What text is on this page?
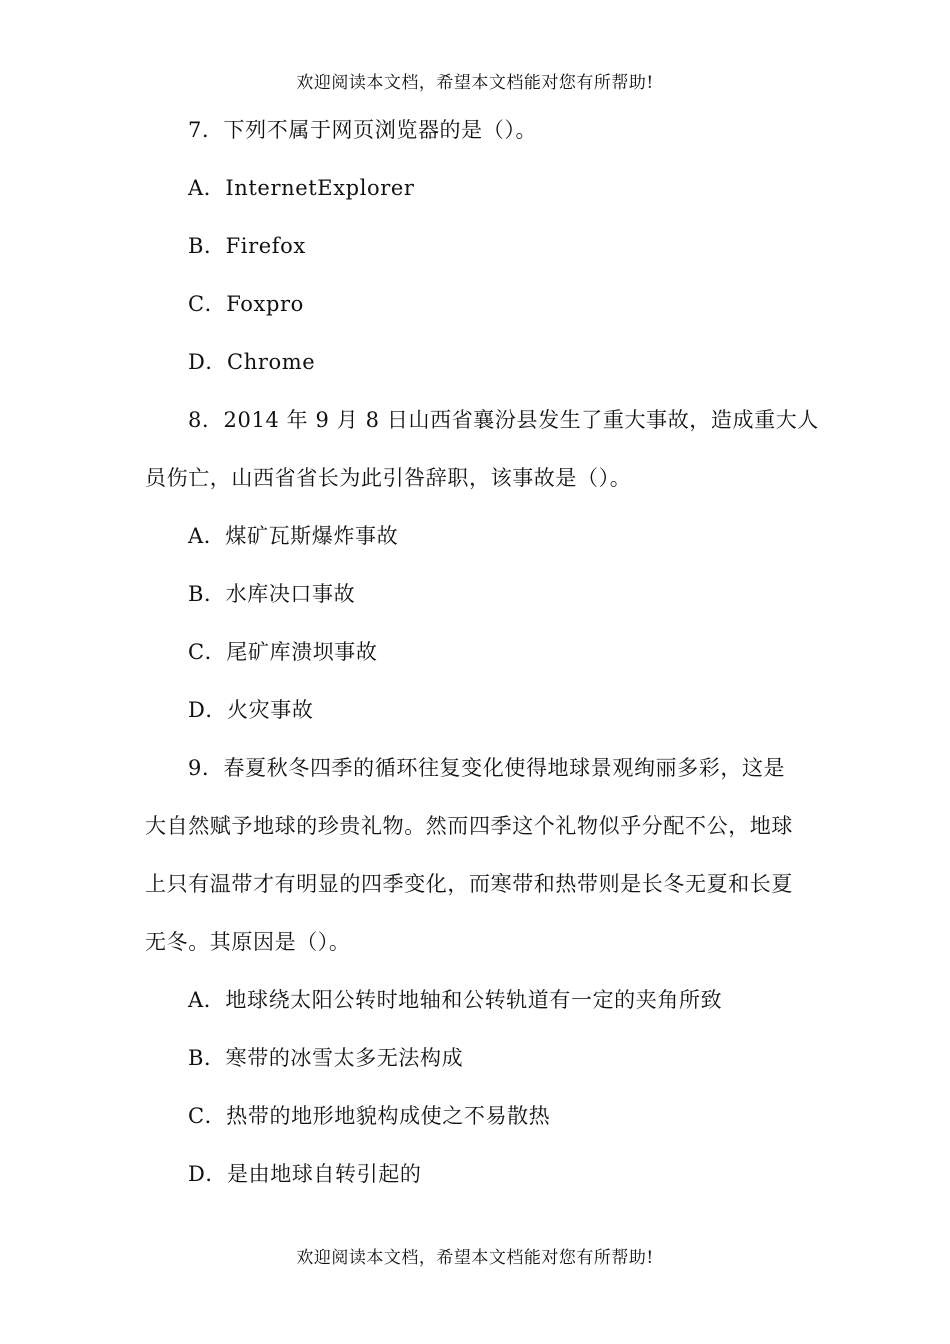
欢迎阅读本文档，希望本文档能对您有所帮助!
7．下列不属于网页浏览器的是（）。
A．InternetExplorer
B．Firefox
C．Foxpro
D．Chrome
8．2014 年 9 月 8 日山西省襄汾县发生了重大事故，造成重大人
员伤亡，山西省省长为此引咎辞职，该事故是（）。
A．煤矿瓦斯爆炸事故
B．水库决口事故
C．尾矿库溃坝事故
D．火灾事故
9．春夏秋冬四季的循环往复变化使得地球景观绚丽多彩，这是
大自然赋予地球的珍贵礼物。然而四季这个礼物似乎分配不公，地球
上只有温带才有明显的四季变化，而寒带和热带则是长冬无夏和长夏
无冬。其原因是（）。
A．地球绕太阳公转时地轴和公转轨道有一定的夹角所致
B．寒带的冰雪太多无法构成
C．热带的地形地貌构成使之不易散热
D．是由地球自转引起的
欢迎阅读本文档，希望本文档能对您有所帮助!
